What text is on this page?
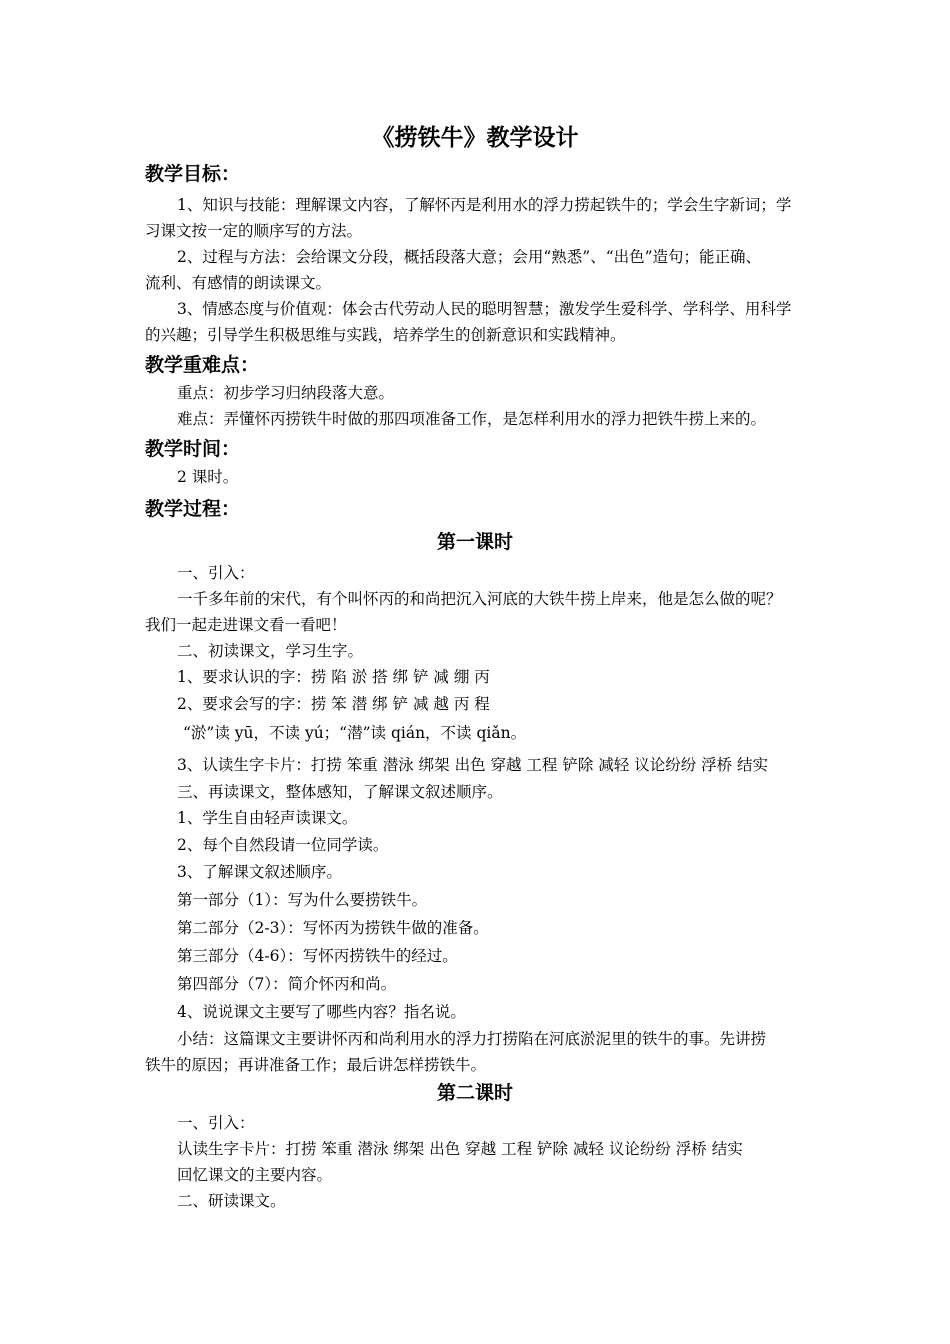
《捞铁牛》教学设计
教学目标：
1、知识与技能：理解课文内容，了解怀丙是利用水的浮力捞起铁牛的；学会生字新词；学
习课文按一定的顺序写的方法。
2、过程与方法：会给课文分段，概括段落大意；会用“熟悉”、“出色”造句；能正确、
流利、有感情的朗读课文。
3、情感态度与价值观：体会古代劳动人民的聪明智慧；激发学生爱科学、学科学、用科学
的兴趣；引导学生积极思维与实践，培养学生的创新意识和实践精神。
教学重难点：
重点：初步学习归纳段落大意。
难点：弄懂怀丙捞铁牛时做的那四项准备工作，是怎样利用水的浮力把铁牛捞上来的。
教学时间：
2 课时。
教学过程：
第一课时
一、引入：
一千多年前的宋代，有个叫怀丙的和尚把沉入河底的大铁牛捞上岸来，他是怎么做的呢？
我们一起走进课文看一看吧！
二、初读课文，学习生字。
1、要求认识的字：捞 陷 淤 搭 绑 铲 减 绷 丙
2、要求会写的字：捞 笨 潜 绑 铲 减 越 丙 程
“淤”读 yū，不读 yú；“潜”读 qián，不读 qiǎn。
3、认读生字卡片：打捞 笨重 潜泳 绑架 出色 穿越 工程 铲除 减轻 议论纷纷 浮桥 结实
三、再读课文，整体感知，了解课文叙述顺序。
1、学生自由轻声读课文。
2、每个自然段请一位同学读。
3、了解课文叙述顺序。
第一部分（1）：写为什么要捞铁牛。
第二部分（2-3）：写怀丙为捞铁牛做的准备。
第三部分（4-6）：写怀丙捞铁牛的经过。
第四部分（7）：简介怀丙和尚。
4、说说课文主要写了哪些内容？指名说。
小结：这篇课文主要讲怀丙和尚利用水的浮力打捞陷在河底淤泥里的铁牛的事。先讲捞
铁牛的原因；再讲准备工作；最后讲怎样捞铁牛。
第二课时
一、引入：
认读生字卡片：打捞 笨重 潜泳 绑架 出色 穿越 工程 铲除 减轻 议论纷纷 浮桥 结实
回忆课文的主要内容。
二、研读课文。
